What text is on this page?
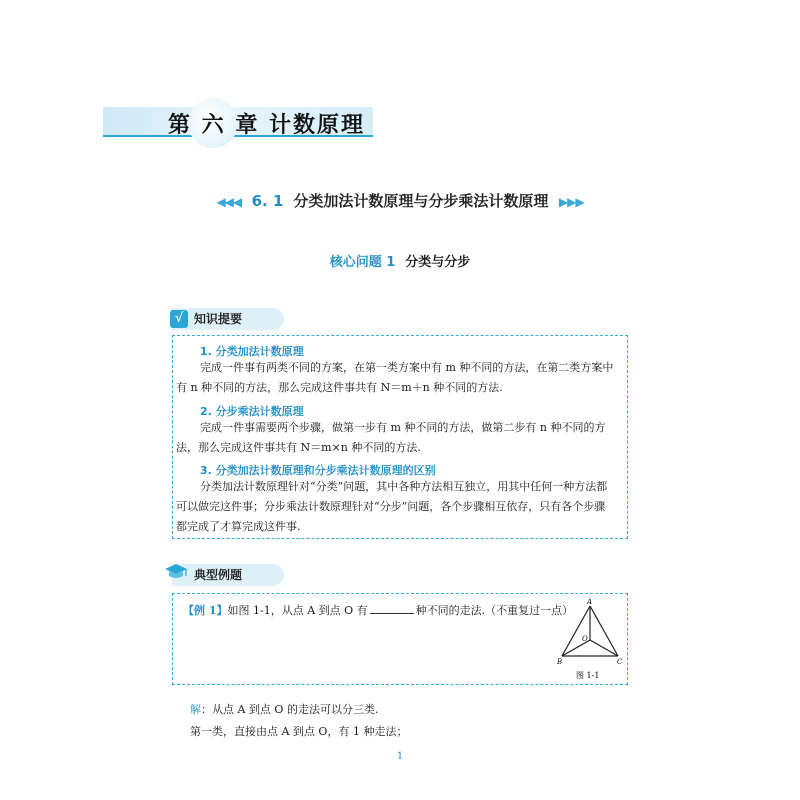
第 六 章 计数原理
◀◀◀ 6. 1 分类加法计数原理与分步乘法计数原理 ▶▶▶
核心问题 1 分类与分步
知识提要
√
1. 分类加法计数原理
完成一件事有两类不同的方案，在第一类方案中有 m 种不同的方法，在第二类方案中
有 n 种不同的方法，那么完成这件事共有 N＝m＋n 种不同的方法.
2. 分步乘法计数原理
完成一件事需要两个步骤，做第一步有 m 种不同的方法，做第二步有 n 种不同的方
法，那么完成这件事共有 N＝m×n 种不同的方法.
3. 分类加法计数原理和分步乘法计数原理的区别
分类加法计数原理针对“分类”问题，其中各种方法相互独立，用其中任何一种方法都
可以做完这件事；分步乘法计数原理针对“分步”问题，各个步骤相互依存，只有各个步骤
都完成了才算完成这件事.
典型例题
【例 1】如图 1-1，从点 A 到点 O 有	种不同的走法.（不重复过一点）
A
O
B	C
图 1-1
解：从点 A 到点 O 的走法可以分三类.
第一类，直接由点 A 到点 O，有 1 种走法；
1
